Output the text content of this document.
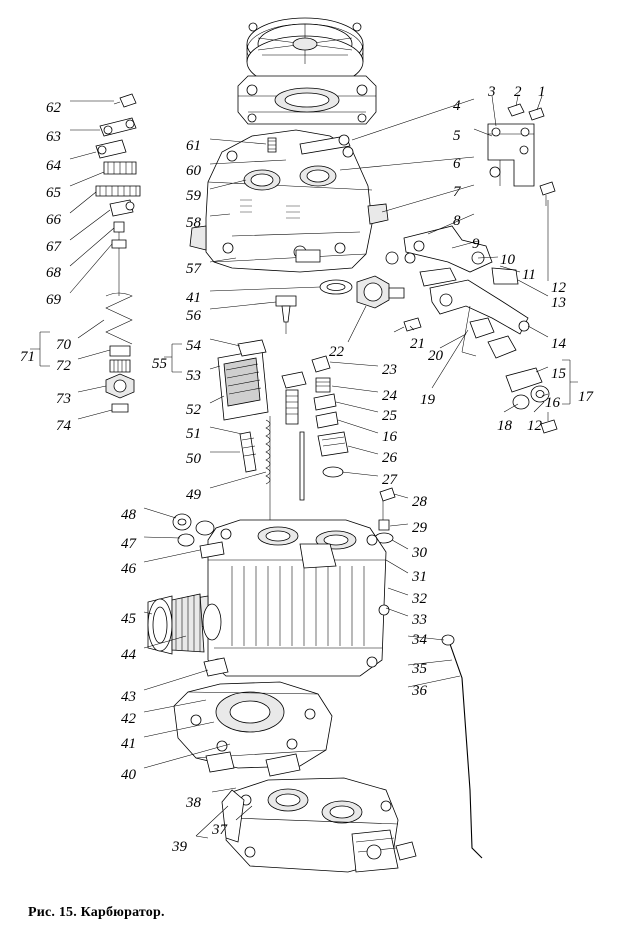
62
63
64
65
66
67
68
69
70
71
72
73
74
61
60
59
58
57
41
56
54
55
53
52
51
50
49
48
47
46
45
44
43
42
41
40
38
39
37
4
3 2 1
5
6
7
8
9
10
11
12
13
14
15
16 17
18 12
19
20
21
22
23
24
25
16
26
27
28
29
30
31
32
33
34
35
36
Рис. 15. Карбюратор.
